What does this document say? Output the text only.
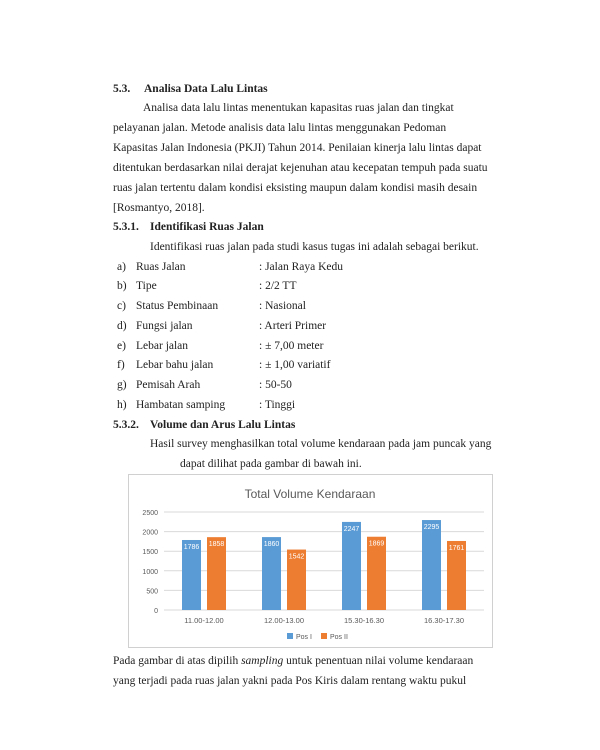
5.3. Analisa Data Lalu Lintas
Analisa data lalu lintas menentukan kapasitas ruas jalan dan tingkat
pelayanan jalan. Metode analisis data lalu lintas menggunakan Pedoman
Kapasitas Jalan Indonesia (PKJI) Tahun 2014. Penilaian kinerja lalu lintas dapat
ditentukan berdasarkan nilai derajat kejenuhan atau kecepatan tempuh pada suatu
ruas jalan tertentu dalam kondisi eksisting maupun dalam kondisi masih desain
[Rosmantyo, 2018].
5.3.1. Identifikasi Ruas Jalan
Identifikasi ruas jalan pada studi kasus tugas ini adalah sebagai berikut.
a) Ruas Jalan	: Jalan Raya Kedu
b) Tipe	: 2/2 TT
c) Status Pembinaan	: Nasional
d) Fungsi jalan	: Arteri Primer
e) Lebar jalan	: ± 7,00 meter
f) Lebar bahu jalan	: ± 1,00 variatif
g) Pemisah Arah	: 50-50
h) Hambatan samping	: Tinggi
5.3.2. Volume dan Arus Lalu Lintas
Hasil survey menghasilkan total volume kendaraan pada jam puncak yang
dapat dilihat pada gambar di bawah ini.
Total Volume Kendaraan
0
500
1000
1500
2000
2500
1786 1858
11.00-12.00
1860
1542
12.00-13.00
2247
1869
15.30-16.30
2295
1761
16.30-17.30
Pos I	Pos II
Pada gambar di atas dipilih sampling untuk penentuan nilai volume kendaraan
yang terjadi pada ruas jalan yakni pada Pos Kiris dalam rentang waktu pukul
